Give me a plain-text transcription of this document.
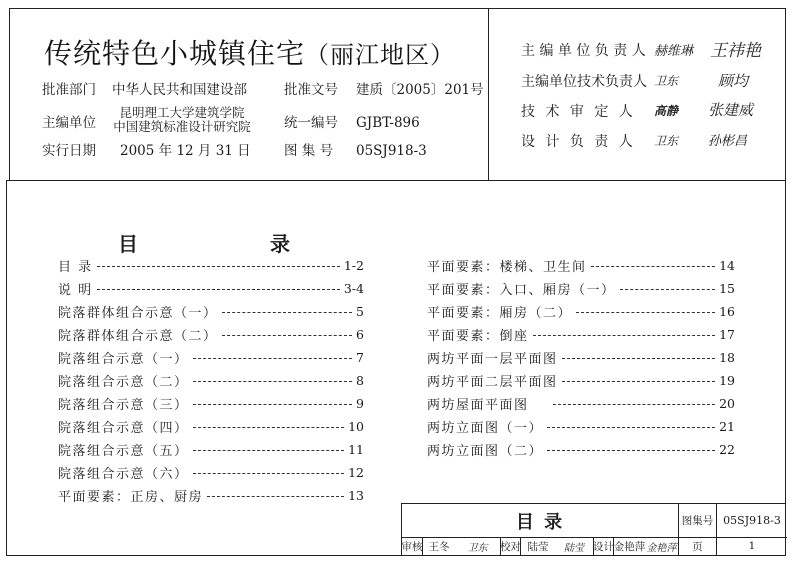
传统特色小城镇住宅（丽江地区）
批准部门 中华人民共和国建设部
主编单位
昆明理工大学建筑学院
中国建筑标准设计研究院
实行日期 2005 年 12 月 31 日
批准文号 建质〔2005〕201号
统一编号 GJBT-896
图 集 号 05SJ918-3
主 编 单 位 负 责 人 赫维琳 王祎艳
主编单位技术负责人 卫东	顾均
技 术 审 定 人 高静 张建威
设 计 负 责 人 卫东 孙彬昌
目	录
目 录	1-2
说 明	3-4
院落群体组合示意（一）	5
院落群体组合示意（二）	6
院落组合示意（一）	7
院落组合示意（二）	8
院落组合示意（三）	9
院落组合示意（四）	10
院落组合示意（五）	11
院落组合示意（六）	12
平面要素：正房、厨房	13
平面要素：楼梯、卫生间	14
平面要素：入口、厢房（一）	15
平面要素：厢房（二）	16
平面要素：倒座	17
两坊平面一层平面图	18
两坊平面二层平面图	19
两坊屋面平面图	20
两坊立面图（一）	21
两坊立面图（二）	22
目 录	图集号 05SJ918-3
审核 王冬 卫东 校对 陆莹 陆莹 设计 金艳萍 金艳萍 页	1
